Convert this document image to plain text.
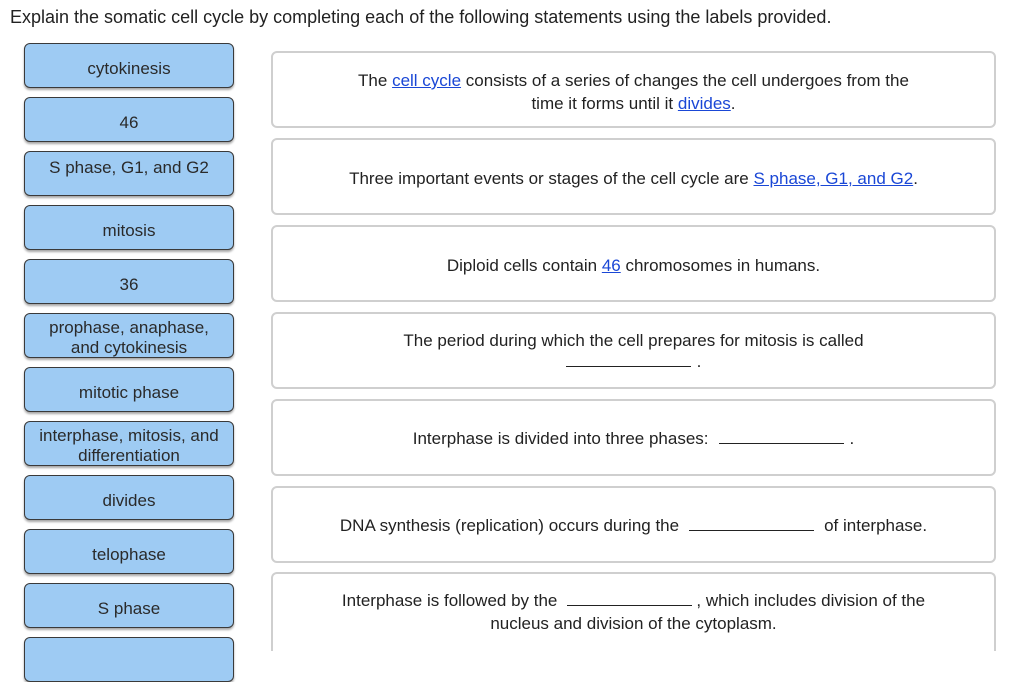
Explain the somatic cell cycle by completing each of the following statements using the labels provided.
cytokinesis
46
S phase, G1, and G2
mitosis
36
prophase, anaphase, and cytokinesis
mitotic phase
interphase, mitosis, and differentiation
divides
telophase
S phase
The cell cycle consists of a series of changes the cell undergoes from the
time it forms until it divides.
Three important events or stages of the cell cycle are S phase, G1, and G2.
Diploid cells contain 46 chromosomes in humans.
The period during which the cell prepares for mitosis is called
.
Interphase is divided into three phases:	.
DNA synthesis (replication) occurs during the	of interphase.
Interphase is followed by the	, which includes division of the
nucleus and division of the cytoplasm.
